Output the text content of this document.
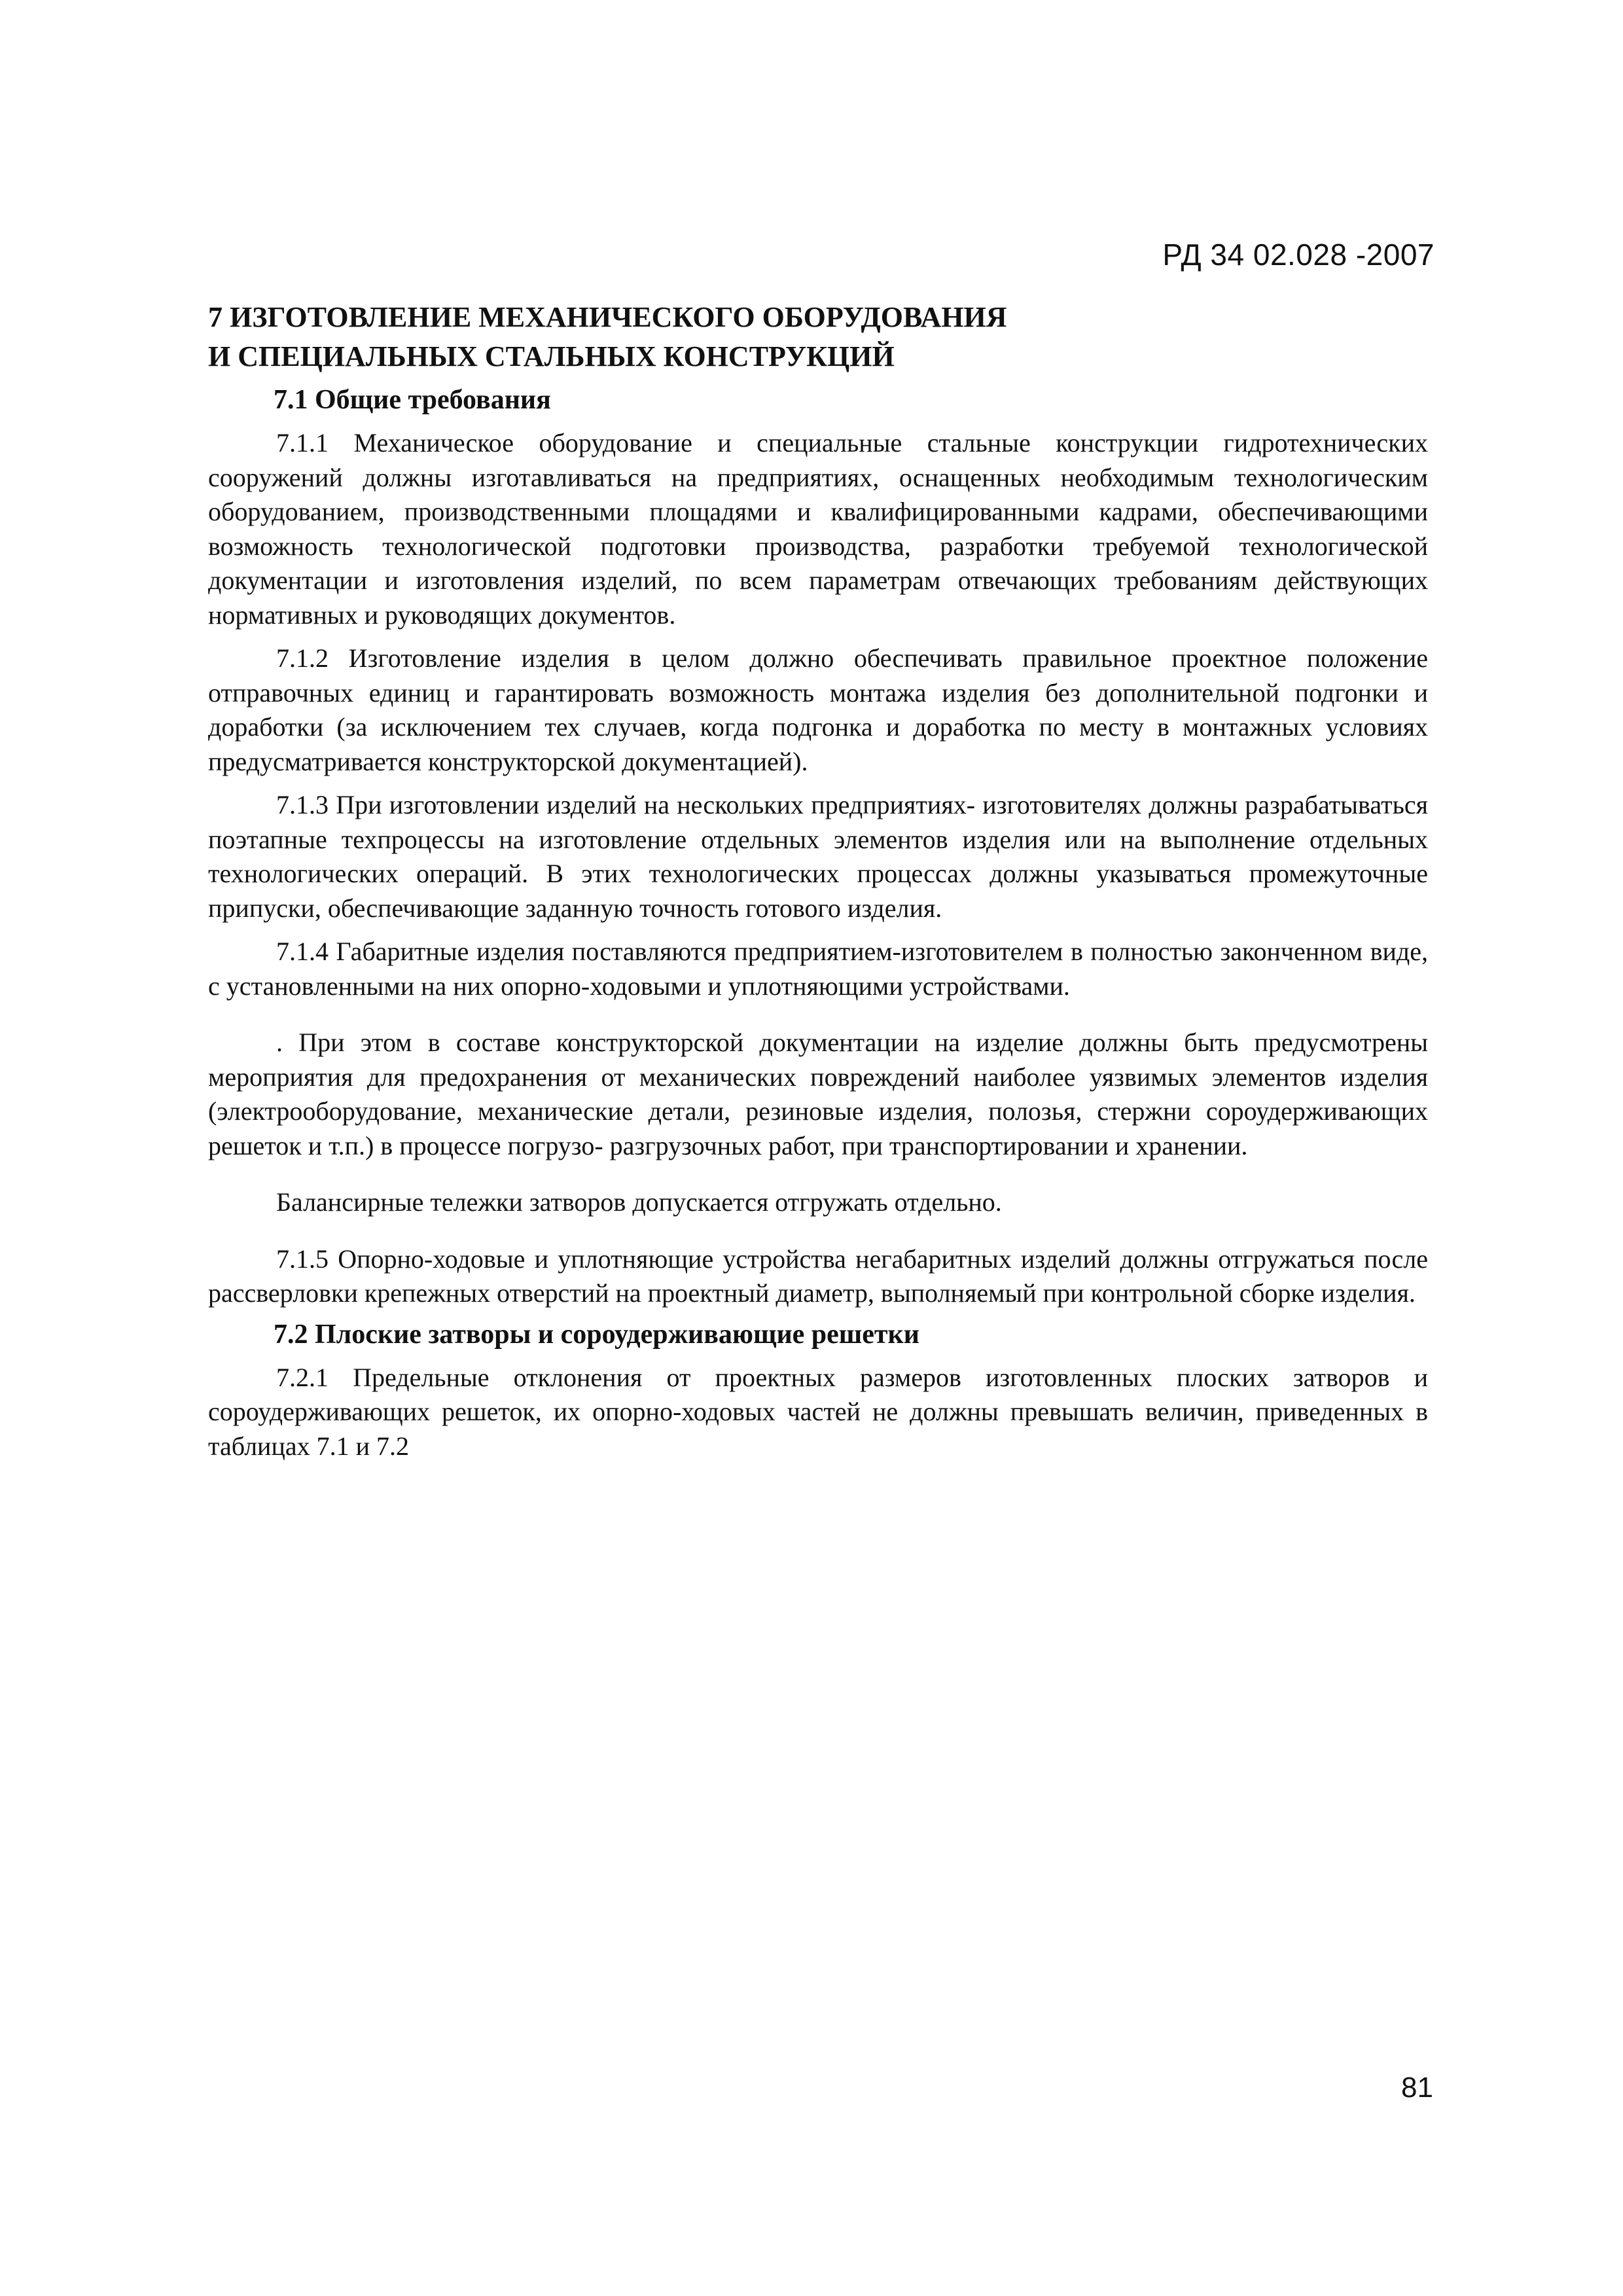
РД 34 02.028 -2007
7 ИЗГОТОВЛЕНИЕ МЕХАНИЧЕСКОГО ОБОРУДОВАНИЯ
И СПЕЦИАЛЬНЫХ СТАЛЬНЫХ КОНСТРУКЦИЙ
7.1 Общие требования

7.1.1 Механическое оборудование и специальные стальные конструкции гидротехнических сооружений должны изготавливаться на предприятиях, оснащенных необходимым технологическим оборудованием, производственными площадями и квалифицированными кадрами, обеспечивающими возможность технологической подготовки производства, разработки требуемой технологической документации и изготовления изделий, по всем параметрам отвечающих требованиям действующих нормативных и руководящих документов.

7.1.2 Изготовление изделия в целом должно обеспечивать правильное проектное положение отправочных единиц и гарантировать возможность монтажа изделия без дополнительной подгонки и доработки (за исключением тех случаев, когда подгонка и доработка по месту в монтажных условиях предусматривается конструкторской документацией).

7.1.3 При изготовлении изделий на нескольких предприятиях- изготовителях должны разрабатываться поэтапные техпроцессы на изготовление отдельных элементов изделия или на выполнение отдельных технологических операций. В этих технологических процессах должны указываться промежуточные припуски, обеспечивающие заданную точность готового изделия.

7.1.4 Габаритные изделия поставляются предприятием-изготовителем в полностью законченном виде, с установленными на них опорно-ходовыми и уплотняющими устройствами.

. При этом в составе конструкторской документации на изделие должны быть предусмотрены мероприятия для предохранения от механических повреждений наиболее уязвимых элементов изделия (электрооборудование, механические детали, резиновые изделия, полозья, стержни сороудерживающих решеток и т.п.) в процессе погрузо- разгрузочных работ, при транспортировании и хранении.

Балансирные тележки затворов допускается отгружать отдельно.

7.1.5 Опорно-ходовые и уплотняющие устройства негабаритных изделий должны отгружаться после рассверловки крепежных отверстий на проектный диаметр, выполняемый при контрольной сборке изделия.

7.2 Плоские затворы и сороудерживающие решетки

7.2.1 Предельные отклонения от проектных размеров изготовленных плоских затворов и сороудерживающих решеток, их опорно-ходовых частей не должны превышать величин, приведенных в таблицах 7.1 и 7.2

81
